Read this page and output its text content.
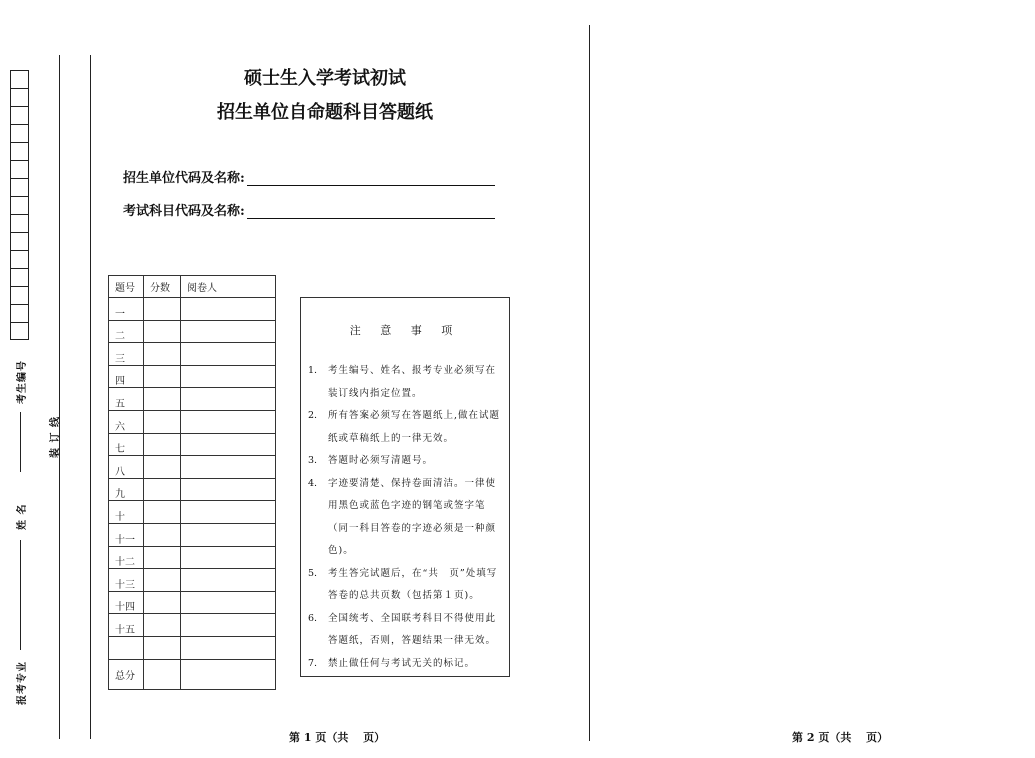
考生编号
姓 名
报考专业
装 订 线
硕士生入学考试初试
招生单位自命题科目答题纸
招生单位代码及名称:
考试科目代码及名称:
题号	分数	阅卷人
一		
二		
三		
四		
五		
六		
七		
八		
九		
十		
十一		
十二		
十三		
十四		
十五		

总分		
注 意 事 项
1.	考生编号、姓名、报考专业必须写在装订线内指定位置。
2.	所有答案必须写在答题纸上,做在试题纸或草稿纸上的一律无效。
3.	答题时必须写清题号。
4.	字迹要清楚、保持卷面清洁。一律使用黑色或蓝色字迹的钢笔或签字笔（同一科目答卷的字迹必须是一种颜色)。
5.	考生答完试题后，在“共　页”处填写答卷的总共页数（包括第１页)。
6.	全国统考、全国联考科目不得使用此答题纸，否则，答题结果一律无效。
7.	禁止做任何与考试无关的标记。
第 1 页（共　 页）	第 2 页（共　 页）
